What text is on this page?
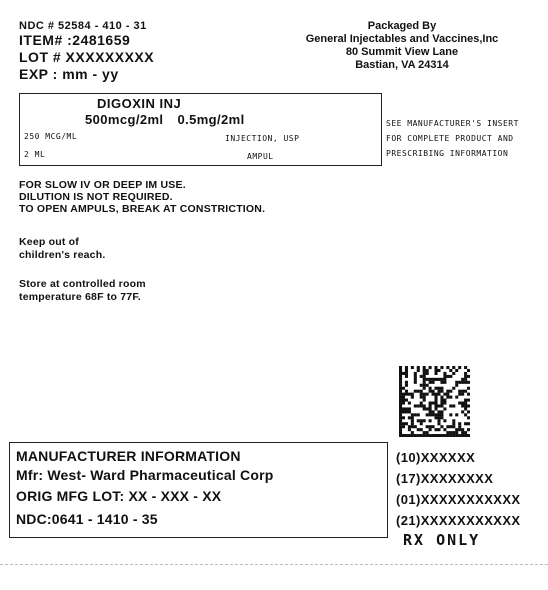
NDC # 52584 - 410 - 31
ITEM# :2481659
LOT # XXXXXXXXX
EXP : mm - yy
Packaged By
General Injectables and Vaccines,Inc
80 Summit View Lane
Bastian, VA 24314
DIGOXIN INJ
500mcg/2ml 0.5mg/2ml
250 MCG/ML	INJECTION, USP
2 ML	AMPUL
SEE MANUFACTURER'S INSERT
FOR COMPLETE PRODUCT AND
PRESCRIBING INFORMATION
FOR SLOW IV OR DEEP IM USE.
DILUTION IS NOT REQUIRED.
TO OPEN AMPULS, BREAK AT CONSTRICTION.
Keep out of
children's reach.
Store at controlled room
temperature 68F to 77F.
MANUFACTURER INFORMATION
Mfr: West- Ward Pharmaceutical Corp
ORIG MFG LOT: XX - XXX - XX
NDC:0641 - 1410 - 35
(10)XXXXXX
(17)XXXXXXXX
(01)XXXXXXXXXXX
(21)XXXXXXXXXXX
RX ONLY
